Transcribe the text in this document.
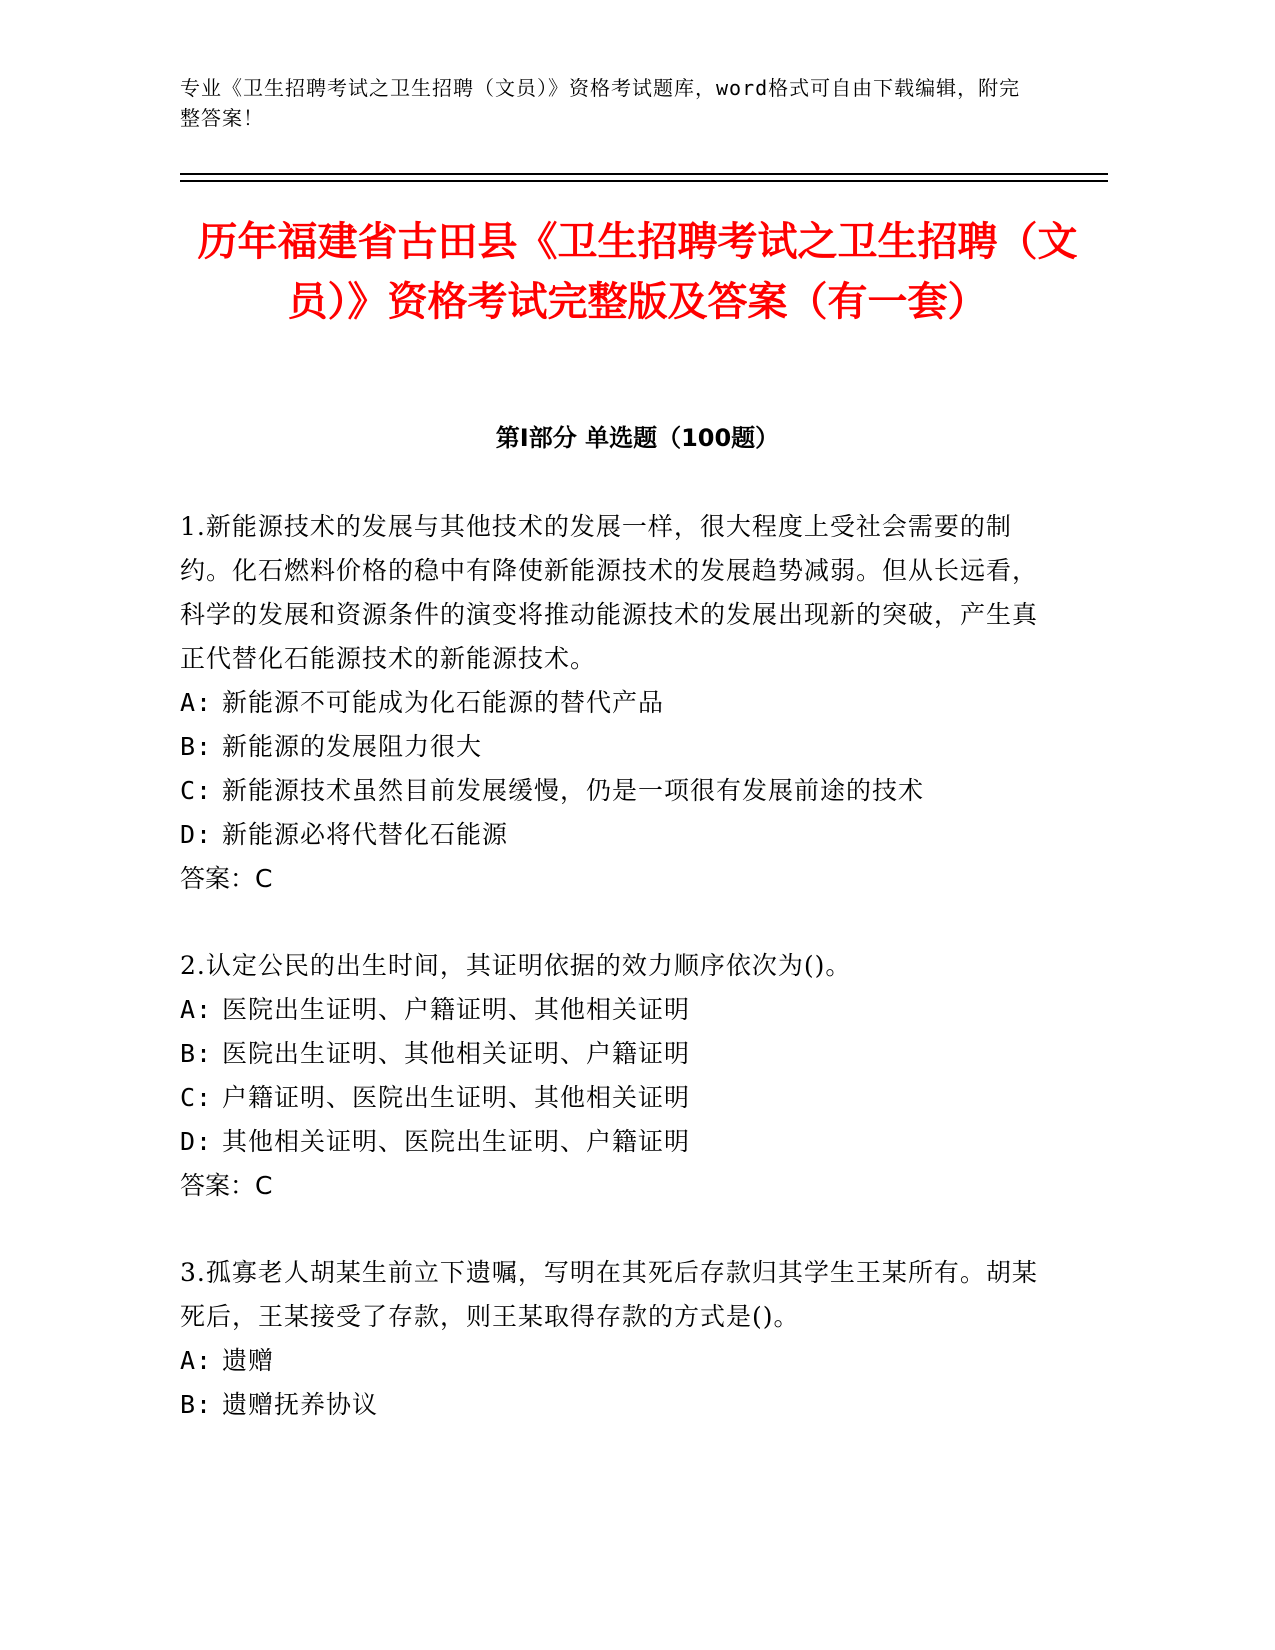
专业《卫生招聘考试之卫生招聘（文员）》资格考试题库，word格式可自由下载编辑，附完整答案！
历年福建省古田县《卫生招聘考试之卫生招聘（文员）》资格考试完整版及答案（有一套）
第Ⅰ部分 单选题（100题）

1.新能源技术的发展与其他技术的发展一样，很大程度上受社会需要的制约。化石燃料价格的稳中有降使新能源技术的发展趋势减弱。但从长远看，科学的发展和资源条件的演变将推动能源技术的发展出现新的突破，产生真正代替化石能源技术的新能源技术。

A: 新能源不可能成为化石能源的替代产品

B: 新能源的发展阻力很大

C: 新能源技术虽然目前发展缓慢，仍是一项很有发展前途的技术

D: 新能源必将代替化石能源

答案：C

2.认定公民的出生时间，其证明依据的效力顺序依次为()。

A: 医院出生证明、户籍证明、其他相关证明

B: 医院出生证明、其他相关证明、户籍证明

C: 户籍证明、医院出生证明、其他相关证明

D: 其他相关证明、医院出生证明、户籍证明

答案：C

3.孤寡老人胡某生前立下遗嘱，写明在其死后存款归其学生王某所有。胡某死后，王某接受了存款，则王某取得存款的方式是()。

A: 遗赠

B: 遗赠抚养协议
